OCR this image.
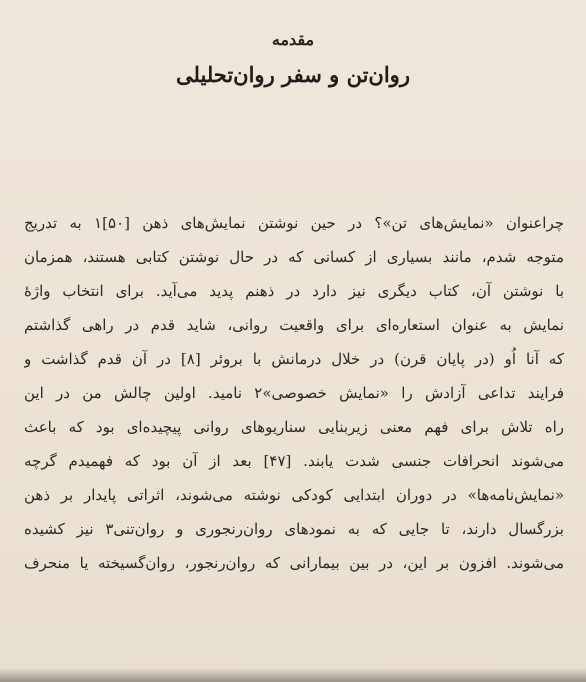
مقدمه
روان‌تن و سفر روان‌تحلیلی
چراعنوان «نمایش‌های تن»؟ در حین نوشتن نمایش‌های ذهن [۵۰]۱ به تدریج
متوجه شدم، مانند بسیاری از کسانی که در حال نوشتن کتابی هستند، همزمان
با نوشتن آن، کتاب دیگری نیز دارد در ذهنم پدید می‌آید. برای انتخاب واژهٔ
نمایش به عنوان استعاره‌ای برای واقعیت روانی، شاید قدم در راهی گذاشتم
که آنا اُو (در پایان قرن) در خلال درمانش با بروئر [۸] در آن قدم گذاشت و
فرایند تداعی آزادش را «نمایش خصوصی»۲ نامید. اولین چالش من در این
راه تلاش برای فهم معنی زیربنایی سناریوهای روانی پیچیده‌ای بود که باعث
می‌شوند انحرافات جنسی شدت یابند. [۴۷] بعد از آن بود که فهمیدم گرچه
«نمایش‌نامه‌ها» در دوران ابتدایی کودکی نوشته می‌شوند، اثراتی پایدار بر ذهن
بزرگسال دارند، تا جایی که به نمودهای روان‌رنجوری و روان‌تنی۳ نیز کشیده
می‌شوند. افزون بر این، در بین بیمارانی که روان‌رنجور، روان‌گسیخته یا منحرف
